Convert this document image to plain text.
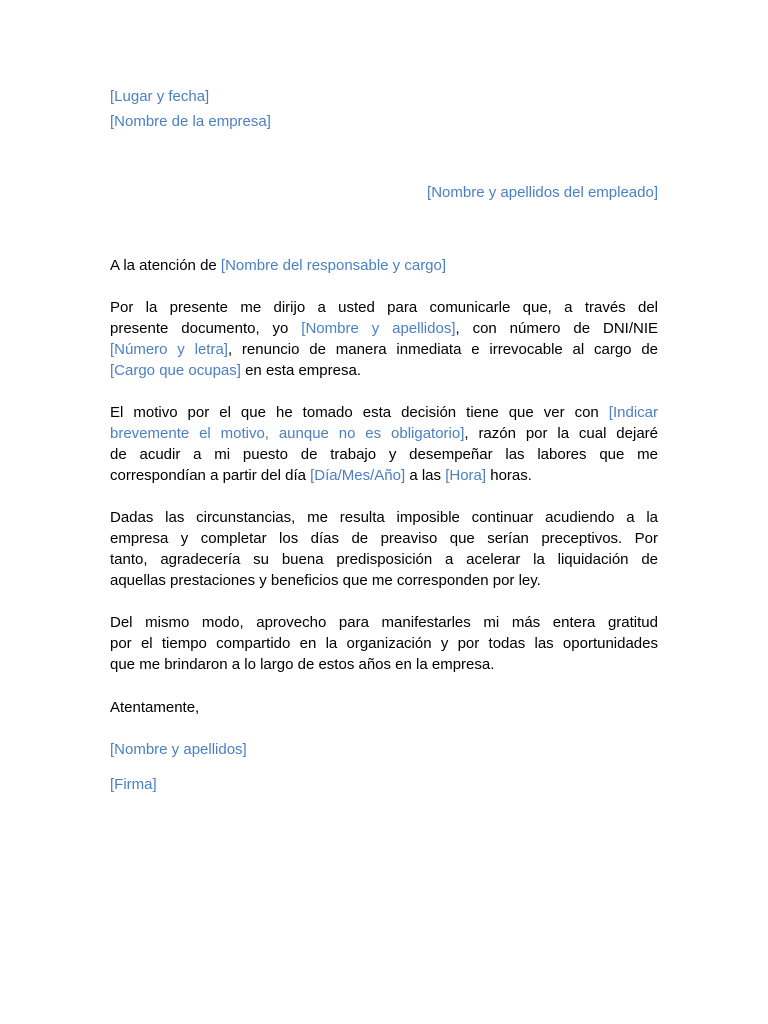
[Lugar y fecha]
[Nombre de la empresa]
[Nombre y apellidos del empleado]
A la atención de [Nombre del responsable y cargo]
Por la presente me dirijo a usted para comunicarle que, a través del
presente documento, yo [Nombre y apellidos], con número de DNI/NIE
[Número y letra], renuncio de manera inmediata e irrevocable al cargo de
[Cargo que ocupas] en esta empresa.
El motivo por el que he tomado esta decisión tiene que ver con [Indicar
brevemente el motivo, aunque no es obligatorio], razón por la cual dejaré
de acudir a mi puesto de trabajo y desempeñar las labores que me
correspondían a partir del día [Día/Mes/Año] a las [Hora] horas.
Dadas las circunstancias, me resulta imposible continuar acudiendo a la
empresa y completar los días de preaviso que serían preceptivos. Por
tanto, agradecería su buena predisposición a acelerar la liquidación de
aquellas prestaciones y beneficios que me corresponden por ley.
Del mismo modo, aprovecho para manifestarles mi más entera gratitud
por el tiempo compartido en la organización y por todas las oportunidades
que me brindaron a lo largo de estos años en la empresa.
Atentamente,
[Nombre y apellidos]
[Firma]
